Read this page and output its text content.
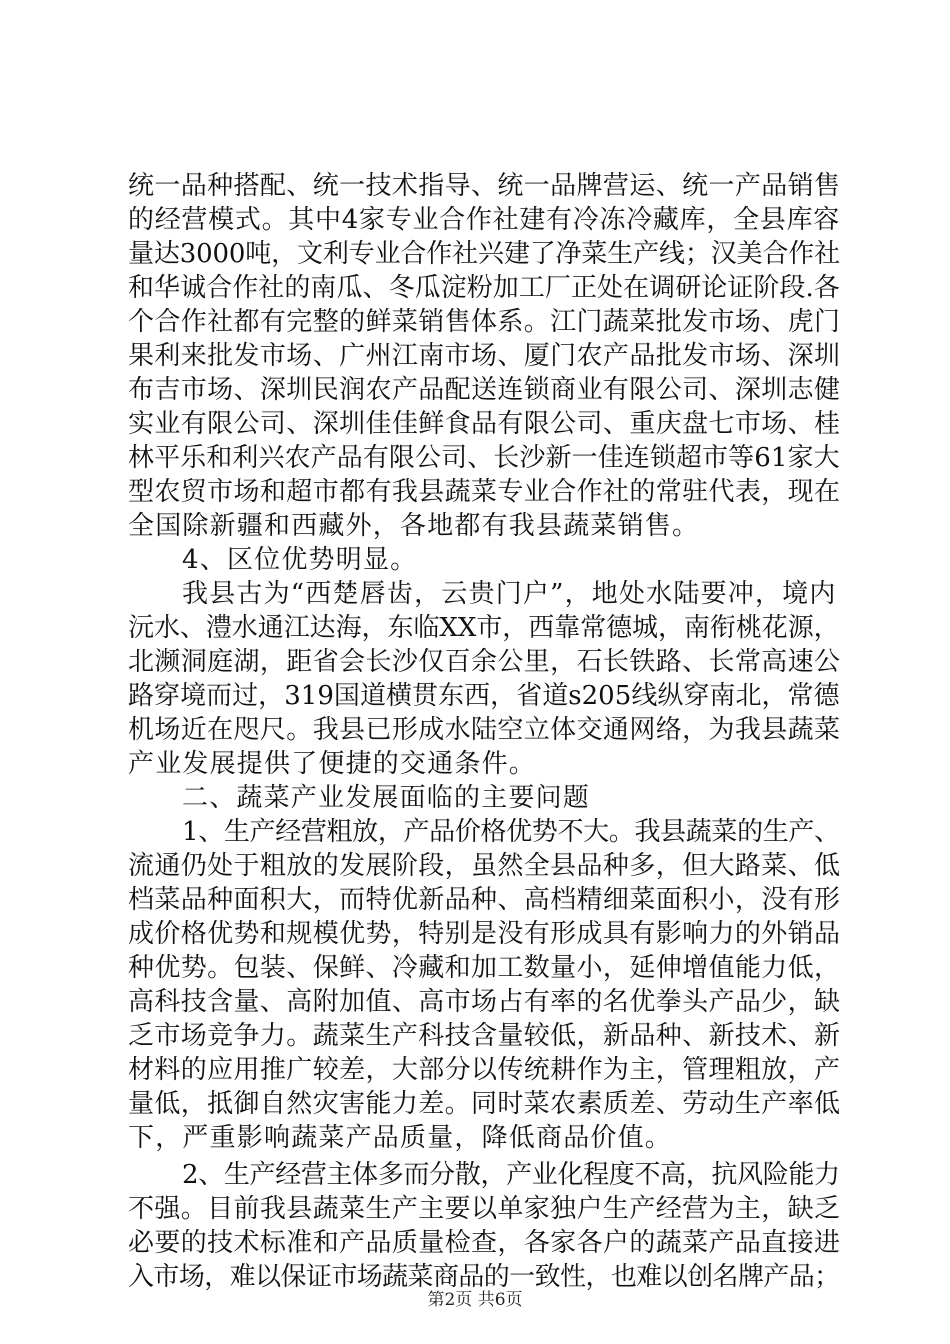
统一品种搭配、统一技术指导、统一品牌营运、统一产品销售
的经营模式。其中4家专业合作社建有冷冻冷藏库，全县库容
量达3000吨，文利专业合作社兴建了净菜生产线；汉美合作社
和华诚合作社的南瓜、冬瓜淀粉加工厂正处在调研论证阶段.各
个合作社都有完整的鲜菜销售体系。江门蔬菜批发市场、虎门
果利来批发市场、广州江南市场、厦门农产品批发市场、深圳
布吉市场、深圳民润农产品配送连锁商业有限公司、深圳志健
实业有限公司、深圳佳佳鲜食品有限公司、重庆盘七市场、桂
林平乐和利兴农产品有限公司、长沙新一佳连锁超市等61家大
型农贸市场和超市都有我县蔬菜专业合作社的常驻代表，现在
全国除新疆和西藏外，各地都有我县蔬菜销售。
4、区位优势明显。
我县古为“西楚唇齿，云贵门户”，地处水陆要冲，境内
沅水、澧水通江达海，东临XX市，西靠常德城，南衔桃花源，
北濒洞庭湖，距省会长沙仅百余公里，石长铁路、长常高速公
路穿境而过，319国道横贯东西，省道s205线纵穿南北，常德
机场近在咫尺。我县已形成水陆空立体交通网络，为我县蔬菜
产业发展提供了便捷的交通条件。
二、蔬菜产业发展面临的主要问题
1、生产经营粗放，产品价格优势不大。我县蔬菜的生产、
流通仍处于粗放的发展阶段，虽然全县品种多，但大路菜、低
档菜品种面积大，而特优新品种、高档精细菜面积小，没有形
成价格优势和规模优势，特别是没有形成具有影响力的外销品
种优势。包装、保鲜、冷藏和加工数量小，延伸增值能力低，
高科技含量、高附加值、高市场占有率的名优拳头产品少，缺
乏市场竞争力。蔬菜生产科技含量较低，新品种、新技术、新
材料的应用推广较差，大部分以传统耕作为主，管理粗放，产
量低，抵御自然灾害能力差。同时菜农素质差、劳动生产率低
下，严重影响蔬菜产品质量，降低商品价值。
2、生产经营主体多而分散，产业化程度不高，抗风险能力
不强。目前我县蔬菜生产主要以单家独户生产经营为主，缺乏
必要的技术标准和产品质量检查，各家各户的蔬菜产品直接进
入市场，难以保证市场蔬菜商品的一致性，也难以创名牌产品；
第2页 共6页
